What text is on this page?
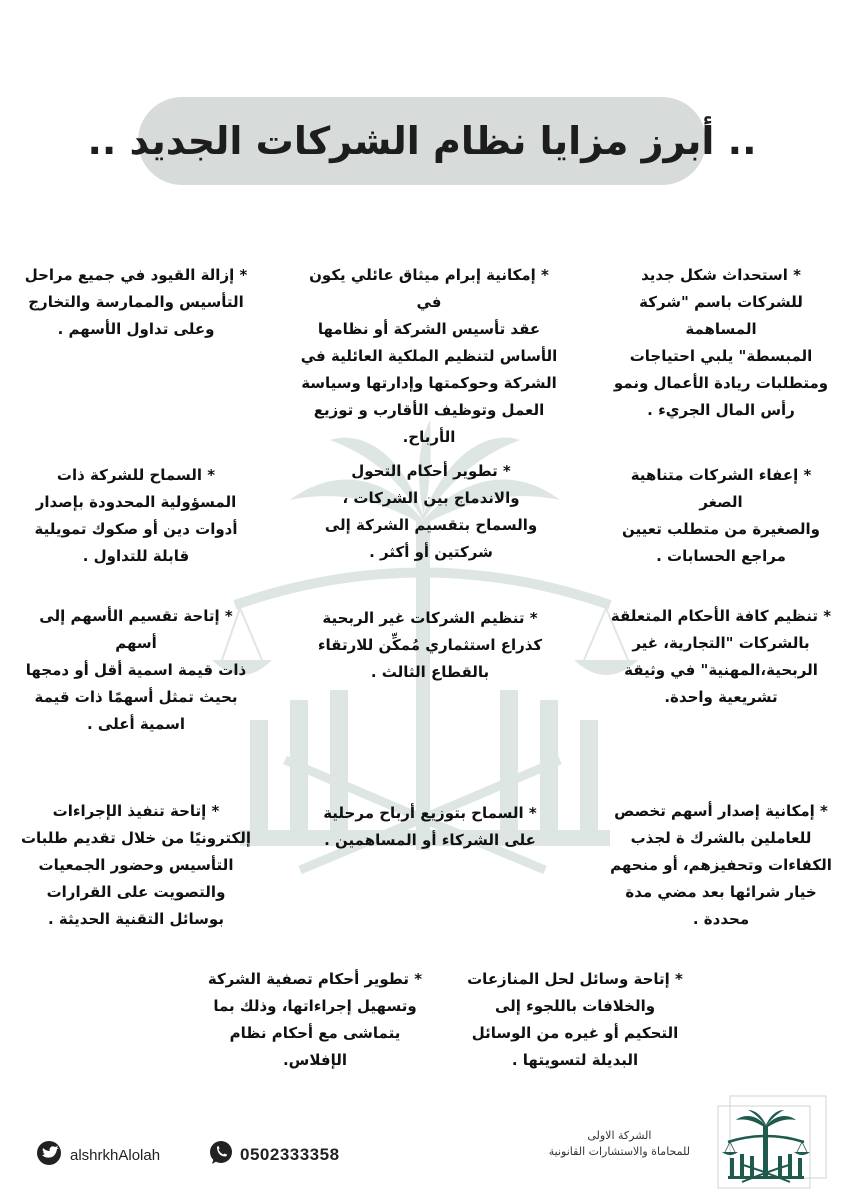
.. أبرز مزايا نظام الشركات الجديد ..
* استحداث شكل جديد
للشركات باسم "شركة المساهمة
المبسطة" يلبي احتياجات
ومتطلبات ريادة الأعمال ونمو
رأس المال الجريء .
* إمكانية إبرام ميثاق عائلي يكون في
عقد تأسيس الشركة أو نظامها
الأساس لتنظيم الملكية العائلية في
الشركة وحوكمتها وإدارتها وسياسة
العمل وتوظيف الأقارب و توزيع
الأرباح.
* إزالة القيود في جميع مراحل
التأسيس والممارسة والتخارج
وعلى تداول الأسهم .
* إعفاء الشركات متناهية الصغر
والصغيرة من متطلب تعيين
مراجع الحسابات .
* تطوير أحكام التحول
والاندماج بين الشركات ،
والسماح بتقسيم الشركة إلى
شركتين أو أكثر .
* السماح للشركة ذات
المسؤولية المحدودة بإصدار
أدوات دين أو صكوك تمويلية
قابلة للتداول .
* تنظيم كافة الأحكام المتعلقة
بالشركات "التجارية، غير
الربحية،المهنية" في وثيقة
تشريعية واحدة.
* تنظيم الشركات غير الربحية
كذراع استثماري مُمكِّن للارتقاء
بالقطاع الثالث .
* إتاحة تقسيم الأسهم إلى أسهم
ذات قيمة اسمية أقل أو دمجها
بحيث تمثل أسهمًا ذات قيمة
اسمية أعلى .
* إمكانية إصدار أسهم تخصص
للعاملين بالشرك ة لجذب
الكفاءات وتحفيزهم، أو منحهم
خيار شرائها بعد مضي مدة
محددة .
* السماح بتوزيع أرباح مرحلية
على الشركاء أو المساهمين .
* إتاحة تنفيذ الإجراءات
إلكترونيًا من خلال تقديم طلبات
التأسيس وحضور الجمعيات
والتصويت على القرارات
بوسائل التقنية الحديثة .
* إتاحة وسائل لحل المنازعات
والخلافات باللجوء إلى
التحكيم أو غيره من الوسائل
البديلة لتسويتها .
* تطوير أحكام تصفية الشركة
وتسهيل إجراءاتها، وذلك بما
يتماشى مع أحكام نظام
الإفلاس.
alshrkhAlolah	0502333358
الشركة الاولى
للمحاماة والاستشارات القانونية
